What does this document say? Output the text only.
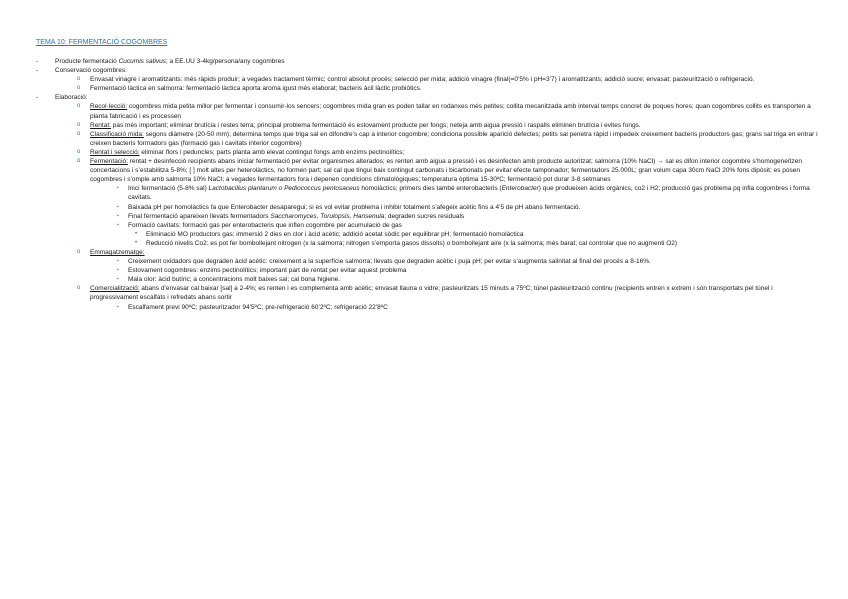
TEMA 10: FERMENTACIÓ COGOMBRES
-	Producte fermentació Cucumis sativus; a EE.UU 3-4kg/persona/any cogombres
-	Conservació cogombres:
o Envasat vinagre i aromatitzants: més ràpids produir; a vegades tractament tèrmic; control absolut procés; selecció per mida; addició vinagre (final(=0’5% i pH=3’7) i aromatitzants; addició sucre; envasat; pasteurització o refrigeració.
o Fermentació làctica en salmorra: fermentació làctica aporta aroma igust més elaborat; bacteris àcil làctic probiòtics.
-	Elaboració:
o Recol·lecció: cogombres mida petita millor per fermentar i consumir-los sencers; cogombres mida gran es poden tallar en rodanxes més petites; collita mecanitzada amb interval temps concret de poques hores; quan cogombres collits es transporten a planta fabricació i es processen
o Rentat: pas més important; eliminar brutícia i restes terra; principal problema fermentació és estovament producte per fongs; neteja amb aigua pressió i raspalls eliminen brutícia i evites fongs.
o Classificació mida: segons diàmetre (20-50 mm); determina temps que triga sal en difondre’s cap a interior cogombre; condiciona possible aparició defectes; petits sal penetra ràpid i impedeix creixement bacteris productors gas; grans sal triga en entrar i creixen bacteris formadors gas (formació gas i cavitats interior cogombre)
o Rentat i selecció: eliminar flors i peduncles; parts planta amb elevat contingut fongs amb enzims pectinolítics;
o Fermentació: rentat + desinfecció recipients abans iniciar fermentació per evitar organismes alterados; es renten amb aigua a pressió i es desinfecten amb producte autoritzat; salmorra (10% NaCl) → sal es difon interior cogombre s’homogeneïtzen concertacions i s’estabilitza 5-8%; [ ] molt altes per heterolàctics, no formen part; sal cal que tingui baix contingut carbonats i bicarbonats per evitar efecte tamponador; fermentadors 25.000L; gran volum capa 30cm NaCl 20% fons dipòsit; es posen cogombres i s’omple amb salmorra 10% NaCl; a vegades fermentadors fora i depenen condicions climatològiques; temperatura òptima 15-30ºC; fermentació pot durar 3-8 setmanes
▪ Inici fermentació (5-8% sal) Lactobacillus plantarum o Pediococcus pentosaceus homolàctics; primers dies també enterobacteris (Enterobacter) que produeixen àcids orgànics, co2 i H2; producció gas problema pq infla cogombres i forma cavitats.
▪ Baixada pH per homolàctics fa que Enterobacter desaparegui; si es vol evitar problema i inhibir totalment s’afegeix acètic fins a 4’5 de pH abans fermentació.
▪ Final fermentació apareixen llevats fermentadors Saccharomyces, Torulopsis, Hansenula; degraden sucres residuals
▪ Formació cavitats: formació gas per enterobacteris que inflen cogombre per acumulació de gas
• Eliminació MO productors gas: immersió 2 dies en clor i àcid acètic; addició acetat sòdic per equilibrar pH; fermentació homolàctica
• Reducció nivells Co2: es pot fer bombollejant nitrogen (x la salmorra; nitrogen s’emporta gasos dissolts) o bombollejant aire (x la salmorra; més barat; cal controlar que no augmenti O2)
o Emmagatzematge:
▪ Creixement oxidadors que degraden àcid acètic: creixement a la superfície salmorra; llevats que degraden acètic i puja pH; per evitar s’augmenta salinitat al final del procés a 8-16%.
▪ Estovament cogombres: enzims pectinolítics; important part de rentat per evitar aquest problema
▪ Mala olor: àcid butíric; a concentracions molt baixes sal; cal bona higiene.
o Comercialització: abans d’envasar cal baixar [sal] a 2-4%; es renten i es complementa amb acètic; envasat llauna o vidre; pasteuritzats 15 minuts a 75ºC; túnel pasteurització continu (recipients entren x extrem i són transportats pel túnel i progressivament escalfats i refredats abans sortir
▪ Escalfament previ 90ºC; pasteuritzador 94’5ºC; pre-refrigeració 60’2ºC; refrigeració 22’8ºC
